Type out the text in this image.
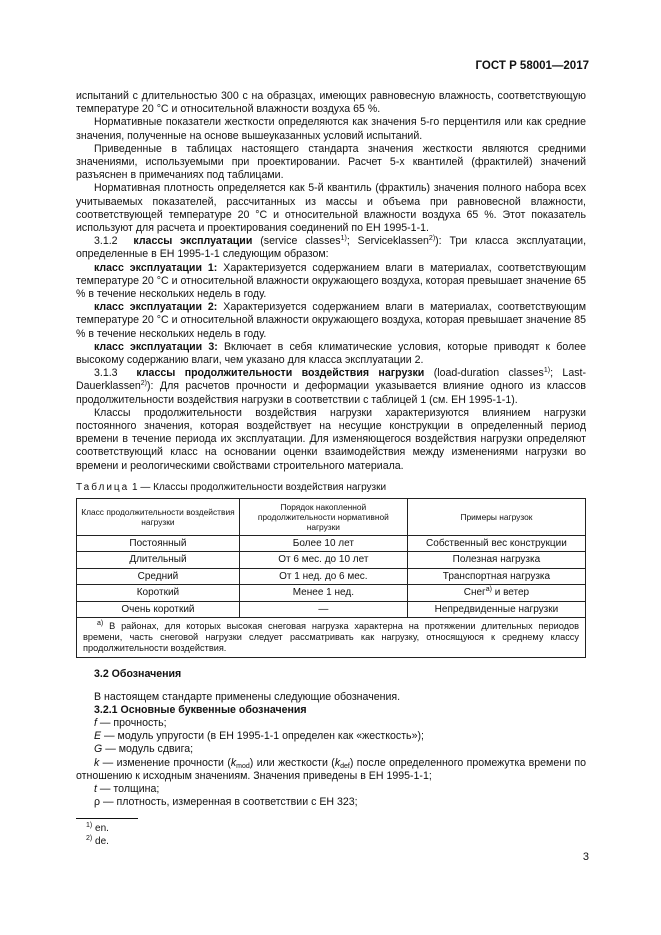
ГОСТ Р 58001—2017

испытаний с длительностью 300 с на образцах, имеющих равновесную влажность, соответствующую температуре 20 °C и относительной влажности воздуха 65 %.

Нормативные показатели жесткости определяются как значения 5-го перцентиля или как средние значения, полученные на основе вышеуказанных условий испытаний.

Приведенные в таблицах настоящего стандарта значения жесткости являются средними значениями, используемыми при проектировании. Расчет 5-х квантилей (фрактилей) значений разъяснен в примечаниях под таблицами.

Нормативная плотность определяется как 5-й квантиль (фрактиль) значения полного набора всех учитываемых показателей, рассчитанных из массы и объема при равновесной влажности, соответствующей температуре 20 °C и относительной влажности воздуха 65 %. Этот показатель используют для расчета и проектирования соединений по ЕН 1995-1-1.

3.1.2 классы эксплуатации (service classes$^{1)}$; Serviceklassen$^{2)}$): Три класса эксплуатации, определенные в ЕН 1995-1-1 следующим образом:

класс эксплуатации 1: Характеризуется содержанием влаги в материалах, соответствующим температуре 20 °C и относительной влажности окружающего воздуха, которая превышает значение 65 % в течение нескольких недель в году.

класс эксплуатации 2: Характеризуется содержанием влаги в материалах, соответствующим температуре 20 °C и относительной влажности окружающего воздуха, которая превышает значение 85 % в течение нескольких недель в году.

класс эксплуатации 3: Включает в себя климатические условия, которые приводят к более высокому содержанию влаги, чем указано для класса эксплуатации 2.

3.1.3 классы продолжительности воздействия нагрузки (load-duration classes$^{1)}$; Last-Dauerklassen$^{2)}$): Для расчетов прочности и деформации указывается влияние одного из классов продолжительности воздействия нагрузки в соответствии с таблицей 1 (см. ЕН 1995-1-1).

Классы продолжительности воздействия нагрузки характеризуются влиянием нагрузки постоянного значения, которая воздействует на несущие конструкции в определенный период времени в течение периода их эксплуатации. Для изменяющегося воздействия нагрузки определяют соответствующий класс на основании оценки взаимодействия между изменениями нагрузки во времени и реологическими свойствами строительного материала.

Таблица 1 — Классы продолжительности воздействия нагрузки
Класс продолжительности воздействия нагрузки	Порядок накопленной продолжительности нормативной нагрузки	Примеры нагрузок
Постоянный	Более 10 лет	Собственный вес конструкции
Длительный	От 6 мес. до 10 лет	Полезная нагрузка
Средний	От 1 нед. до 6 мес.	Транспортная нагрузка
Короткий	Менее 1 нед.	Снег$^{а)}$ и ветер
Очень короткий	—	Непредвиденные нагрузки
$^{а)}$ В районах, для которых высокая снеговая нагрузка характерна на протяжении длительных периодов времени, часть снеговой нагрузки следует рассматривать как нагрузку, относящуюся к среднему классу продолжительности воздействия.		

3.2 Обозначения

В настоящем стандарте применены следующие обозначения.

3.2.1 Основные буквенные обозначения

f — прочность;

E — модуль упругости (в ЕН 1995-1-1 определен как «жесткость»);

G — модуль сдвига;

k — изменение прочности $(k_{mod})$ или жесткости $(k_{def})$ после определенного промежутка времени по отношению к исходным значениям. Значения приведены в ЕН 1995-1-1;

t — толщина;

ρ — плотность, измеренная в соответствии с ЕН 323;

$^{1)}$ en.
$^{2)}$ de.
3
